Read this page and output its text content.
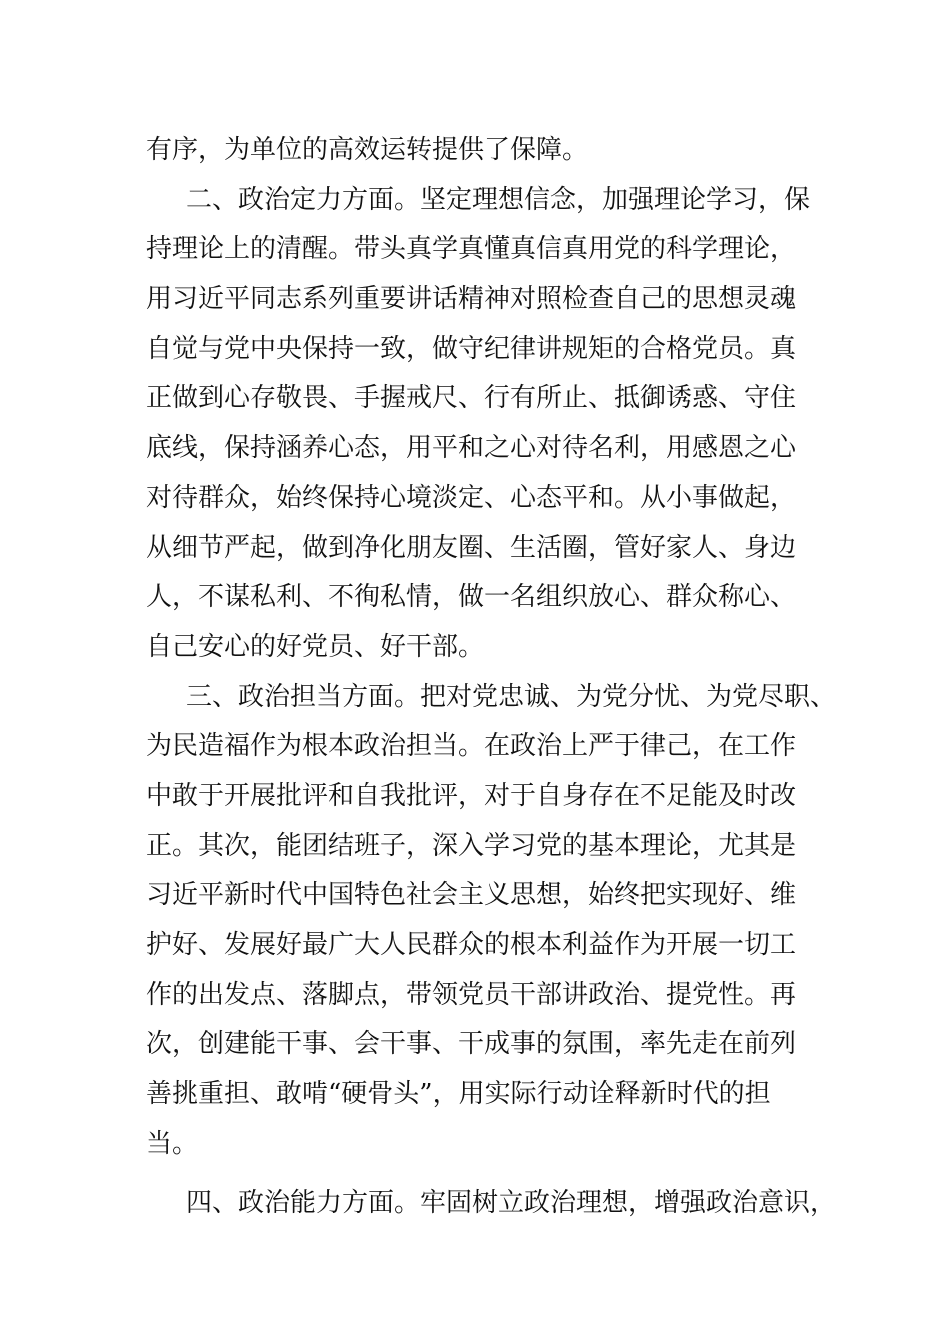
有序，为单位的高效运转提供了保障。
二、政治定力方面。坚定理想信念，加强理论学习，保
持理论上的清醒。带头真学真懂真信真用党的科学理论，
用习近平同志系列重要讲话精神对照检查自己的思想灵魂
自觉与党中央保持一致，做守纪律讲规矩的合格党员。真
正做到心存敬畏、手握戒尺、行有所止、抵御诱惑、守住
底线，保持涵养心态，用平和之心对待名利，用感恩之心
对待群众，始终保持心境淡定、心态平和。从小事做起，
从细节严起，做到净化朋友圈、生活圈，管好家人、身边
人，不谋私利、不徇私情，做一名组织放心、群众称心、
自己安心的好党员、好干部。
三、政治担当方面。把对党忠诚、为党分忧、为党尽职、
为民造福作为根本政治担当。在政治上严于律己，在工作
中敢于开展批评和自我批评，对于自身存在不足能及时改
正。其次，能团结班子，深入学习党的基本理论，尤其是
习近平新时代中国特色社会主义思想，始终把实现好、维
护好、发展好最广大人民群众的根本利益作为开展一切工
作的出发点、落脚点，带领党员干部讲政治、提党性。再
次，创建能干事、会干事、干成事的氛围，率先走在前列
善挑重担、敢啃“硬骨头”，用实际行动诠释新时代的担
当。
四、政治能力方面。牢固树立政治理想，增强政治意识，
